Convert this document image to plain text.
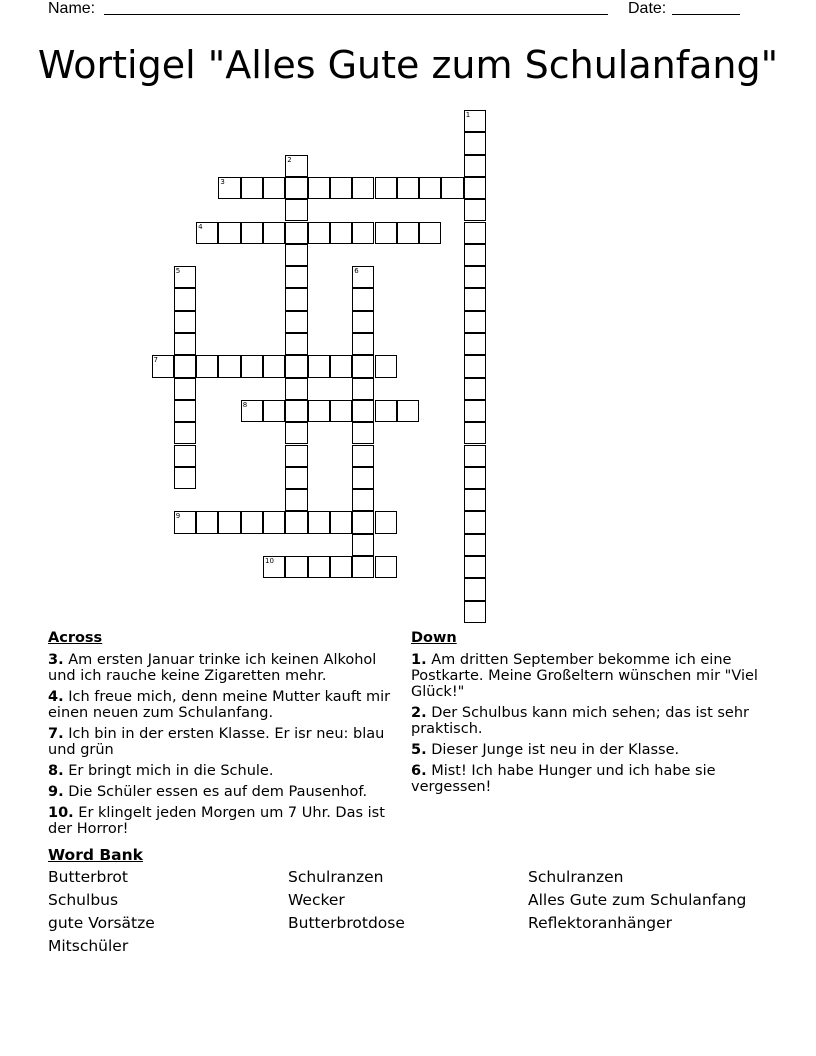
Name:	Date:
Wortigel "Alles Gute zum Schulanfang"
1
2
3
4
5	6
7
8
9
10
Across
3. Am ersten Januar trinke ich keinen Alkohol und ich rauche keine Zigaretten mehr.
4. Ich freue mich, denn meine Mutter kauft mir einen neuen zum Schulanfang.
7. Ich bin in der ersten Klasse. Er isr neu: blau und grün
8. Er bringt mich in die Schule.
9. Die Schüler essen es auf dem Pausenhof.
10. Er klingelt jeden Morgen um 7 Uhr. Das ist der Horror!
Down
1. Am dritten September bekomme ich eine Postkarte. Meine Großeltern wünschen mir "Viel Glück!"
2. Der Schulbus kann mich sehen; das ist sehr praktisch.
5. Dieser Junge ist neu in der Klasse.
6. Mist! Ich habe Hunger und ich habe sie vergessen!
Word Bank
Butterbrot	Schulranzen	Schulranzen
Schulbus	Wecker	Alles Gute zum Schulanfang
gute Vorsätze	Butterbrotdose	Reflektoranhänger
Mitschüler
